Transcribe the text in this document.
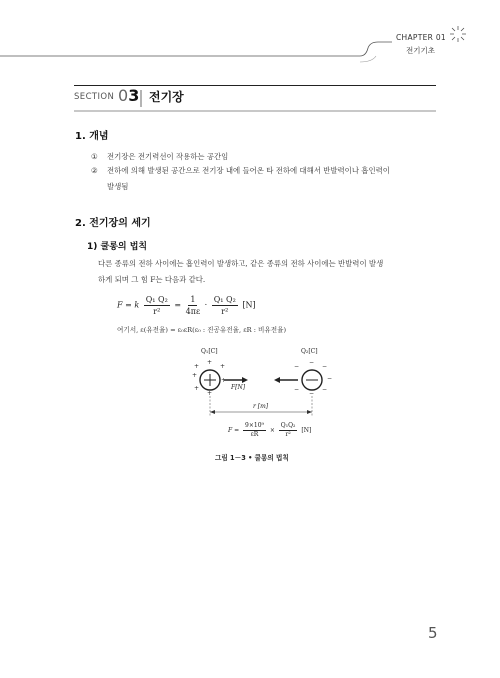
CHAPTER 01
전기기초
SECTION 03 전기장
1. 개념
① 전기장은 전기력선이 작용하는 공간임
② 전하에 의해 발생된 공간으로 전기장 내에 들어온 타 전하에 대해서 반발력이나 흡인력이
발생됨
2. 전기장의 세기
1) 쿨롱의 법칙
다른 종류의 전하 사이에는 흡인력이 발생하고, 같은 종류의 전하 사이에는 반발력이 발생
하게 되며 그 힘 F는 다음과 같다.
F = k $\frac{\text{Q₁ Q₂}}{\text{r²}} = \frac{1}{4\pi\varepsilon} \cdot \frac{\text{Q₁ Q₂}}{\text{r²}} [N]$
여기서, ε(유전율) = ε₀εR(ε₀ : 진공유전율, εR : 비유전율)
Q₁[C]	Q₂[C]
+
+
+
+
+
+
+
−
−
−
−
−
−
−
F[N]
r [m]
$F = \frac{\text{9×10⁹}}{\varepsilon R} \times \frac{\text{Q₁Q₂}}{\text{r²}} [N]$
그림 1－3 • 쿨롱의 법칙
5
